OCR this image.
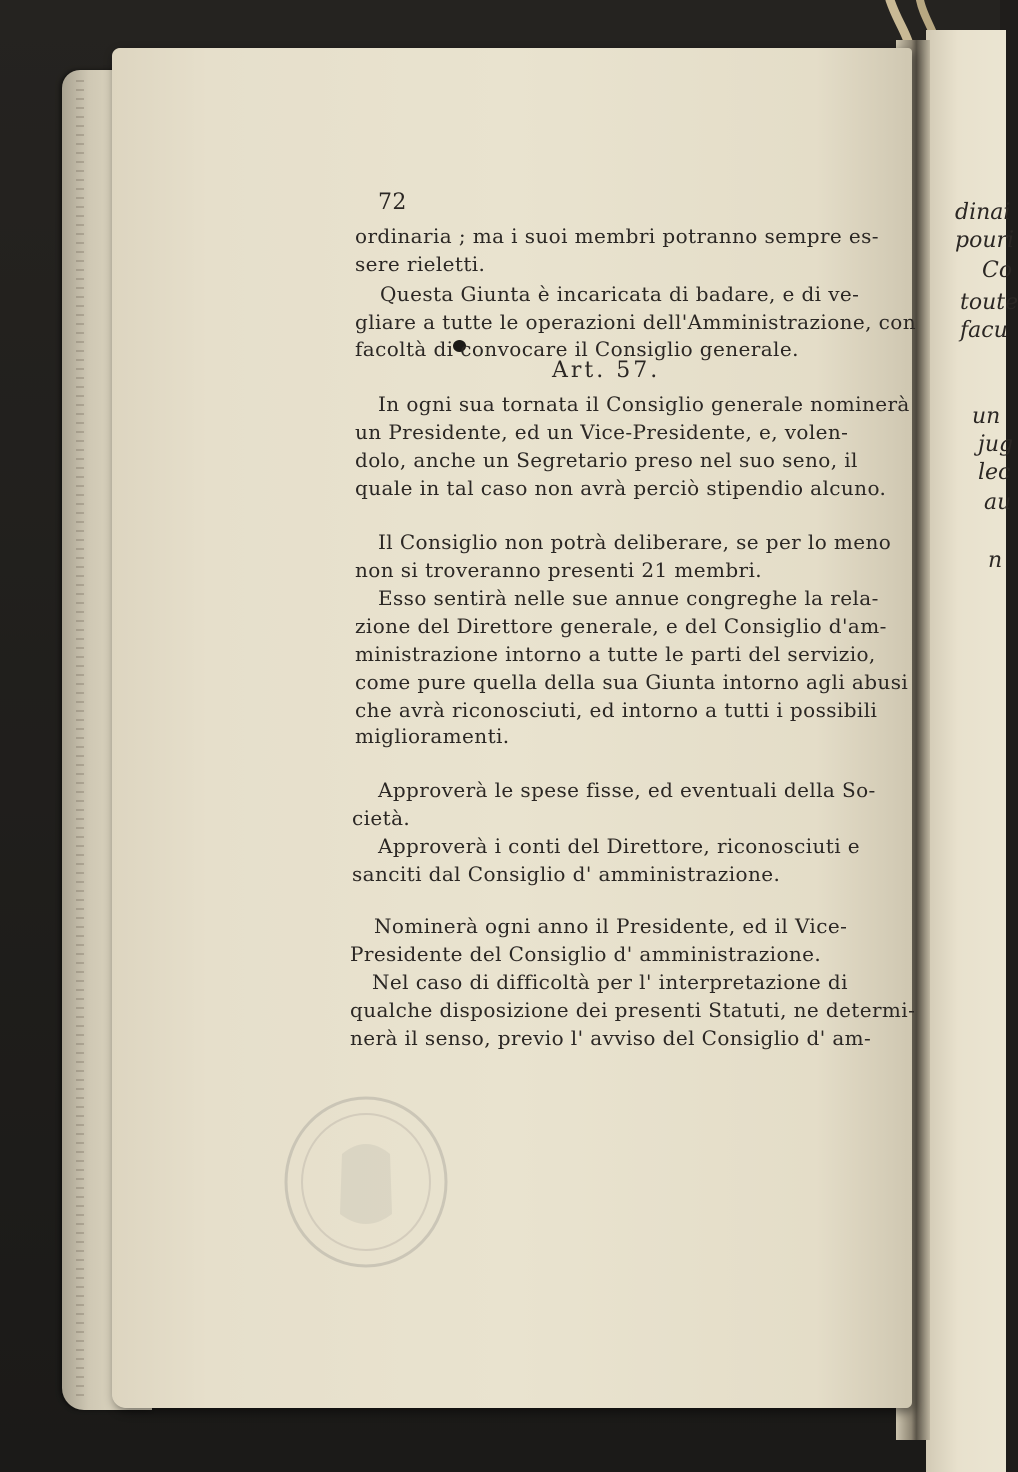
72
ordinaria ; ma i suoi membri potranno sempre es-
sere rieletti.
Questa Giunta è incaricata di badare, e di ve-
gliare a tutte le operazioni dell'Amministrazione, con
facoltà di convocare il Consiglio generale.
Art. 57.
In ogni sua tornata il Consiglio generale nominerà
un Presidente, ed un Vice-Presidente, e, volen-
dolo, anche un Segretario preso nel suo seno, il
quale in tal caso non avrà perciò stipendio alcuno.
Il Consiglio non potrà deliberare, se per lo meno
non si troveranno presenti 21 membri.
Esso sentirà nelle sue annue congreghe la rela-
zione del Direttore generale, e del Consiglio d'am-
ministrazione intorno a tutte le parti del servizio,
come pure quella della sua Giunta intorno agli abusi
che avrà riconosciuti, ed intorno a tutti i possibili
miglioramenti.
Approverà le spese fisse, ed eventuali della So-
cietà.
Approverà i conti del Direttore, riconosciuti e
sanciti dal Consiglio d' amministrazione.
Nominerà ogni anno il Presidente, ed il Vice-
Presidente del Consiglio d' amministrazione.
Nel caso di difficoltà per l' interpretazione di
qualche disposizione dei presenti Statuti, ne determi-
nerà il senso, previo l' avviso del Consiglio d' am-
dinai
pouri
Co
toute
facu
un
jug
lec
au
n
